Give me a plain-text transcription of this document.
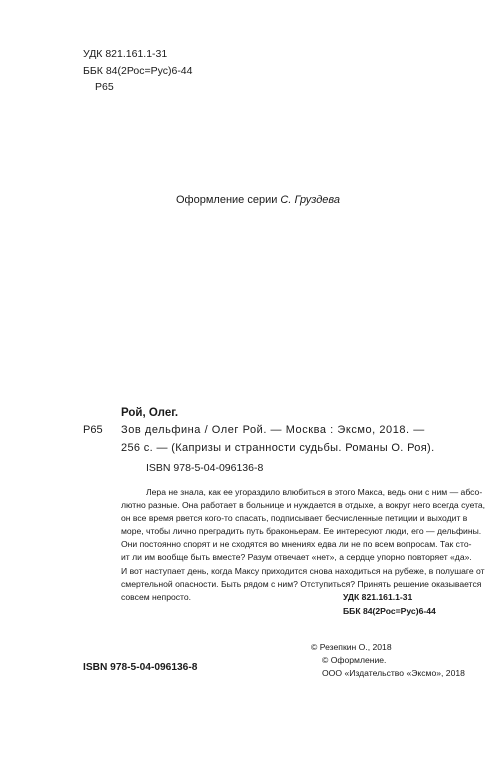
УДК 821.161.1-31
ББК 84(2Рос=Рус)6-44
Р65
Оформление серии С. Груздева
Рой, Олег.
Р65 Зов дельфина / Олег Рой. — Москва : Эксмо, 2018. —
256 с. — (Капризы и странности судьбы. Романы О. Роя).
ISBN 978-5-04-096136-8
Лера не знала, как ее угораздило влюбиться в этого Макса, ведь они с ним — абсо-
лютно разные. Она работает в больнице и нуждается в отдыхе, а вокруг него всегда суета,
он все время рвется кого-то спасать, подписывает бесчисленные петиции и выходит в
море, чтобы лично преградить путь браконьерам. Ее интересуют люди, его — дельфины.
Они постоянно спорят и не сходятся во мнениях едва ли не по всем вопросам. Так сто-
ит ли им вообще быть вместе? Разум отвечает «нет», а сердце упорно повторяет «да».
И вот наступает день, когда Максу приходится снова находиться на рубеже, в полушаге от
смертельной опасности. Быть рядом с ним? Отступиться? Принять решение оказывается
совсем непросто.	УДК 821.161.1-31
ББК 84(2Рос=Рус)6-44
© Резепкин О., 2018
© Оформление.
ООО «Издательство «Эксмо», 2018
ISBN 978-5-04-096136-8
